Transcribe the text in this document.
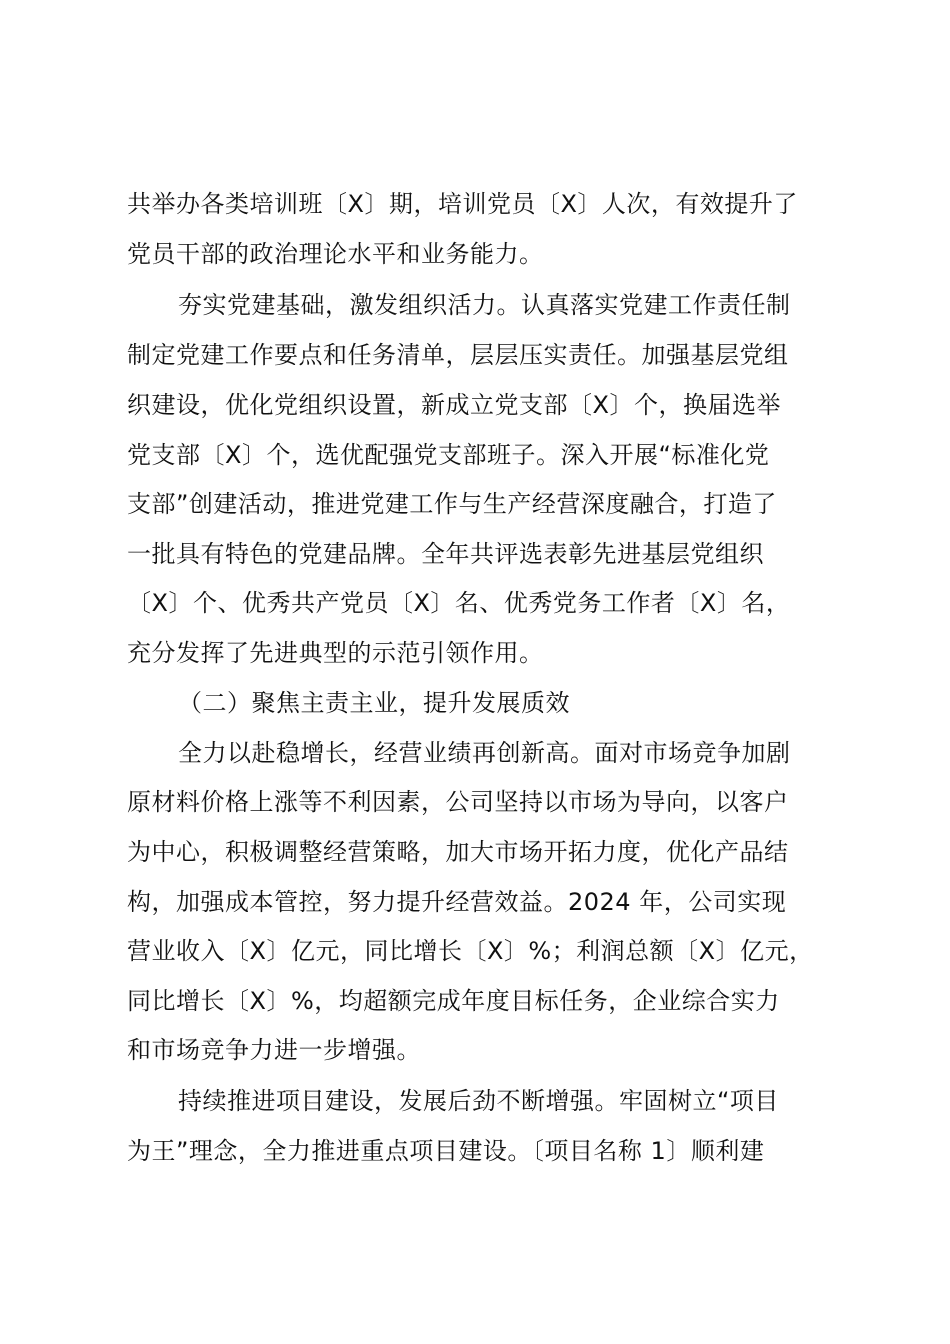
共举办各类培训班〔X〕期，培训党员〔X〕人次，有效提升了
党员干部的政治理论水平和业务能力。
夯实党建基础，激发组织活力。认真落实党建工作责任制
制定党建工作要点和任务清单，层层压实责任。加强基层党组
织建设，优化党组织设置，新成立党支部〔X〕个，换届选举
党支部〔X〕个，选优配强党支部班子。深入开展“标准化党
支部”创建活动，推进党建工作与生产经营深度融合，打造了
一批具有特色的党建品牌。全年共评选表彰先进基层党组织
〔X〕个、优秀共产党员〔X〕名、优秀党务工作者〔X〕名，
充分发挥了先进典型的示范引领作用。
（二）聚焦主责主业，提升发展质效
全力以赴稳增长，经营业绩再创新高。面对市场竞争加剧
原材料价格上涨等不利因素，公司坚持以市场为导向，以客户
为中心，积极调整经营策略，加大市场开拓力度，优化产品结
构，加强成本管控，努力提升经营效益。2024 年，公司实现
营业收入〔X〕亿元，同比增长〔X〕%；利润总额〔X〕亿元，
同比增长〔X〕%，均超额完成年度目标任务，企业综合实力
和市场竞争力进一步增强。
持续推进项目建设，发展后劲不断增强。牢固树立“项目
为王”理念，全力推进重点项目建设。〔项目名称 1〕顺利建
